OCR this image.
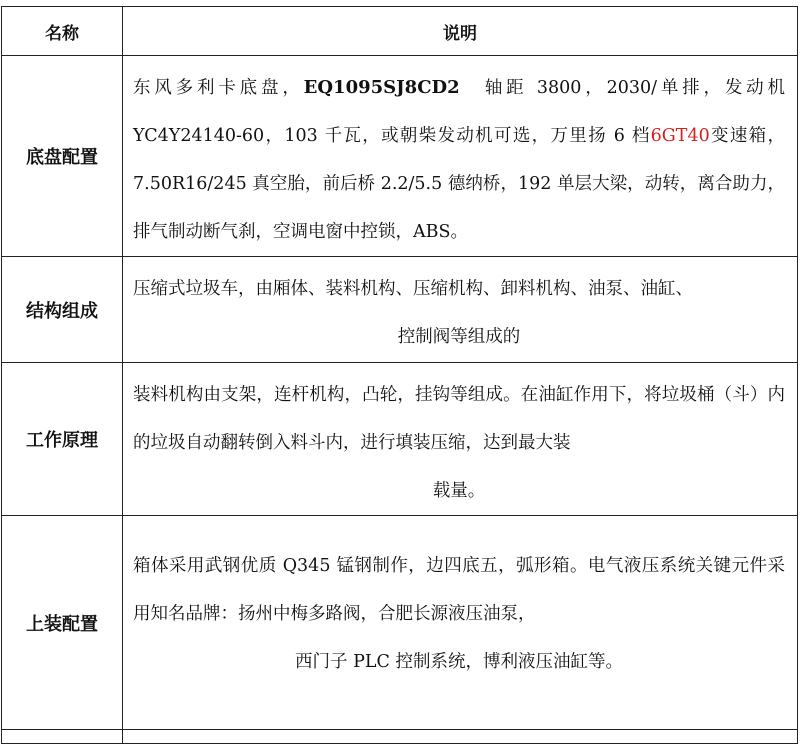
名称	说明
底盘配置	东风多利卡底盘，EQ1095SJ8CD2　轴距 3800，2030/单排，发动机 YC4Y24140-60，103 千瓦，或朝柴发动机可选，万里扬 6 档6GT40变速箱，7.50R16/245 真空胎，前后桥 2.2/5.5 德纳桥，192 单层大梁，动转，离合助力，排气制动断气刹，空调电窗中控锁，ABS。

结构组成	压缩式垃圾车，由厢体、装料机构、压缩机构、卸料机构、油泵、油缸、
控制阀等组成的

工作原理	装料机构由支架，连杆机构，凸轮，挂钩等组成。在油缸作用下，将垃圾桶（斗）内的垃圾自动翻转倒入料斗内，进行填装压缩，达到最大装
载量。

上装配置	箱体采用武钢优质 Q345 锰钢制作，边四底五，弧形箱。电气液压系统关键元件采用知名品牌：扬州中梅多路阀，合肥长源液压油泵，
西门子 PLC 控制系统，博利液压油缸等。
